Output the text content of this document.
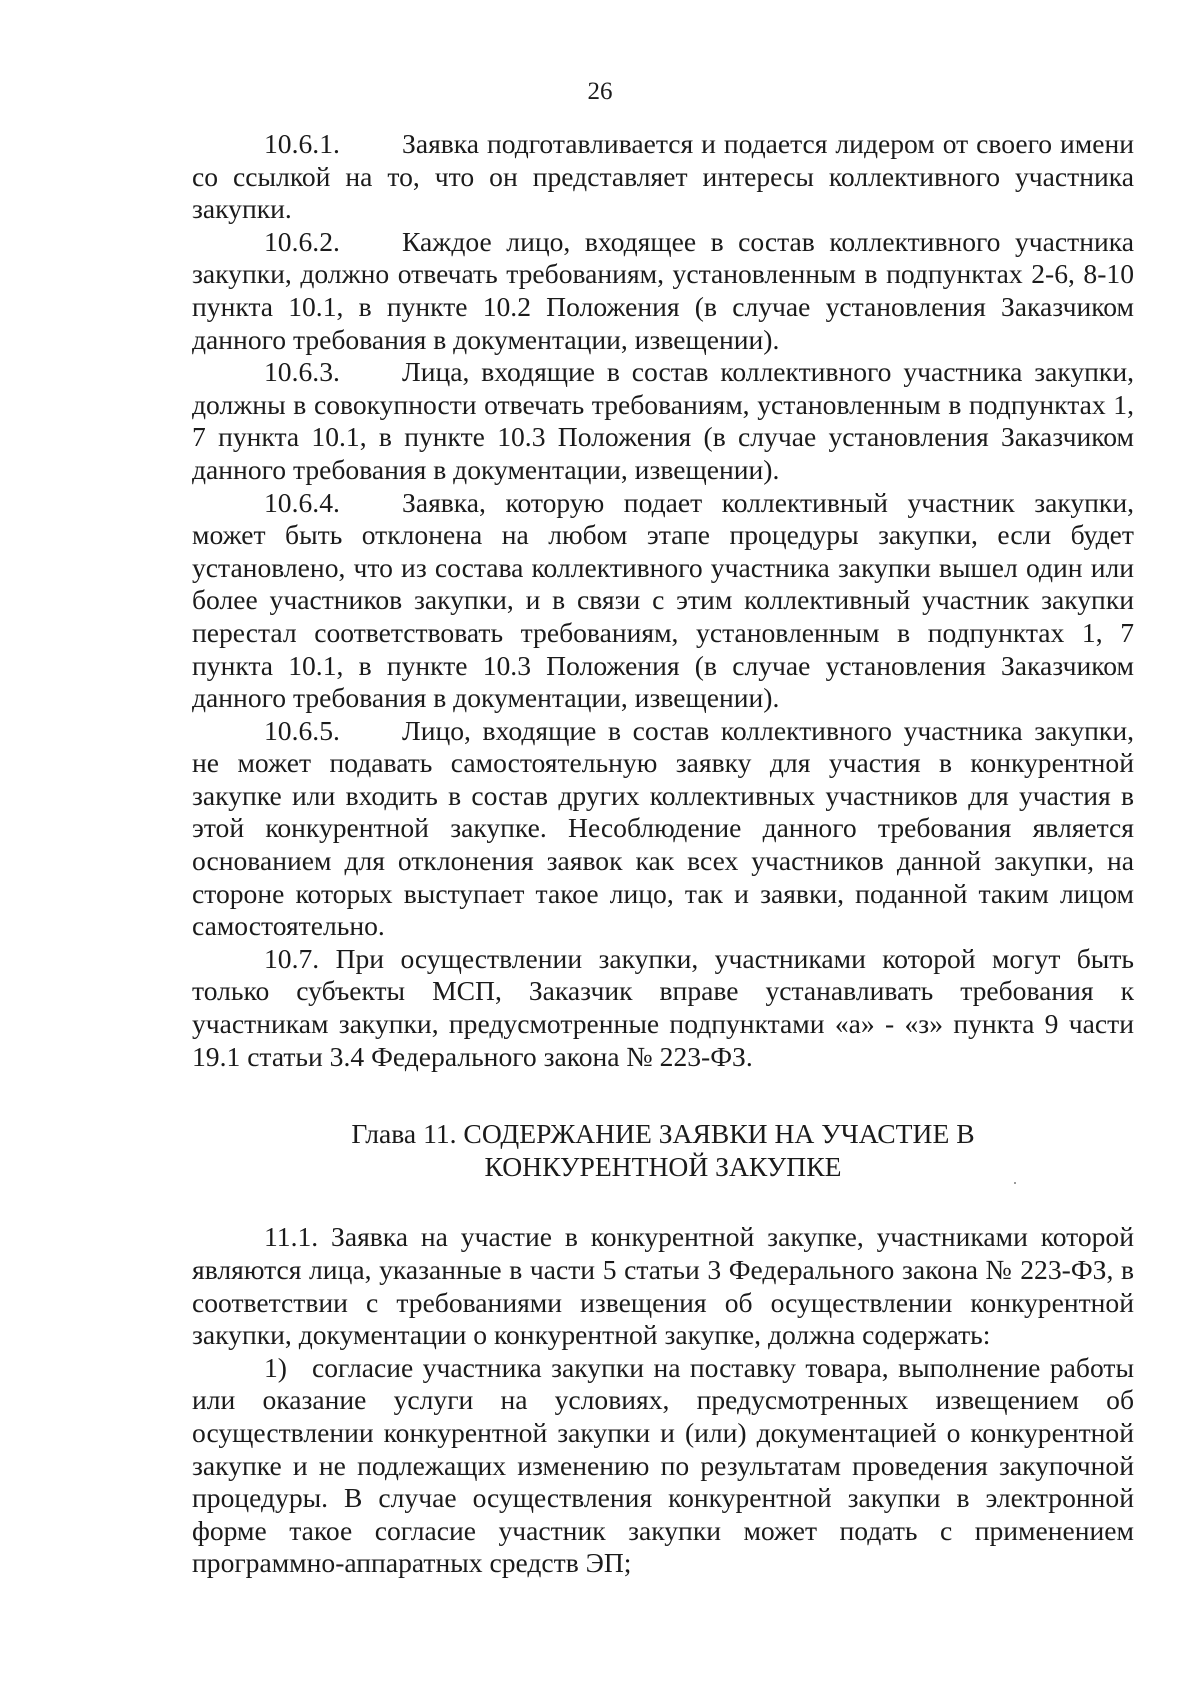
26

10.6.1. Заявка подготавливается и подается лидером от своего имени со ссылкой на то, что он представляет интересы коллективного участника закупки.

10.6.2. Каждое лицо, входящее в состав коллективного участника закупки, должно отвечать требованиям, установленным в подпунктах 2-6, 8-10 пункта 10.1, в пункте 10.2 Положения (в случае установления Заказчиком данного требования в документации, извещении).

10.6.3. Лица, входящие в состав коллективного участника закупки, должны в совокупности отвечать требованиям, установленным в подпунктах 1, 7 пункта 10.1, в пункте 10.3 Положения (в случае установления Заказчиком данного требования в документации, извещении).

10.6.4. Заявка, которую подает коллективный участник закупки, может быть отклонена на любом этапе процедуры закупки, если будет установлено, что из состава коллективного участника закупки вышел один или более участников закупки, и в связи с этим коллективный участник закупки перестал соответствовать требованиям, установленным в подпунктах 1, 7 пункта 10.1, в пункте 10.3 Положения (в случае установления Заказчиком данного требования в документации, извещении).

10.6.5. Лицо, входящие в состав коллективного участника закупки, не может подавать самостоятельную заявку для участия в конкурентной закупке или входить в состав других коллективных участников для участия в этой конкурентной закупке. Несоблюдение данного требования является основанием для отклонения заявок как всех участников данной закупки, на стороне которых выступает такое лицо, так и заявки, поданной таким лицом самостоятельно.

10.7. При осуществлении закупки, участниками которой могут быть только субъекты МСП, Заказчик вправе устанавливать требования к участникам закупки, предусмотренные подпунктами «а» - «з» пункта 9 части 19.1 статьи 3.4 Федерального закона № 223-ФЗ.

Глава 11. СОДЕРЖАНИЕ ЗАЯВКИ НА УЧАСТИЕ В
КОНКУРЕНТНОЙ ЗАКУПКЕ

11.1. Заявка на участие в конкурентной закупке, участниками которой являются лица, указанные в части 5 статьи 3 Федерального закона № 223-ФЗ, в соответствии с требованиями извещения об осуществлении конкурентной закупки, документации о конкурентной закупке, должна содержать:

1) согласие участника закупки на поставку товара, выполнение работы или оказание услуги на условиях, предусмотренных извещением об осуществлении конкурентной закупки и (или) документацией о конкурентной закупке и не подлежащих изменению по результатам проведения закупочной процедуры. В случае осуществления конкурентной закупки в электронной форме такое согласие участник закупки может подать с применением программно-аппаратных средств ЭП;
